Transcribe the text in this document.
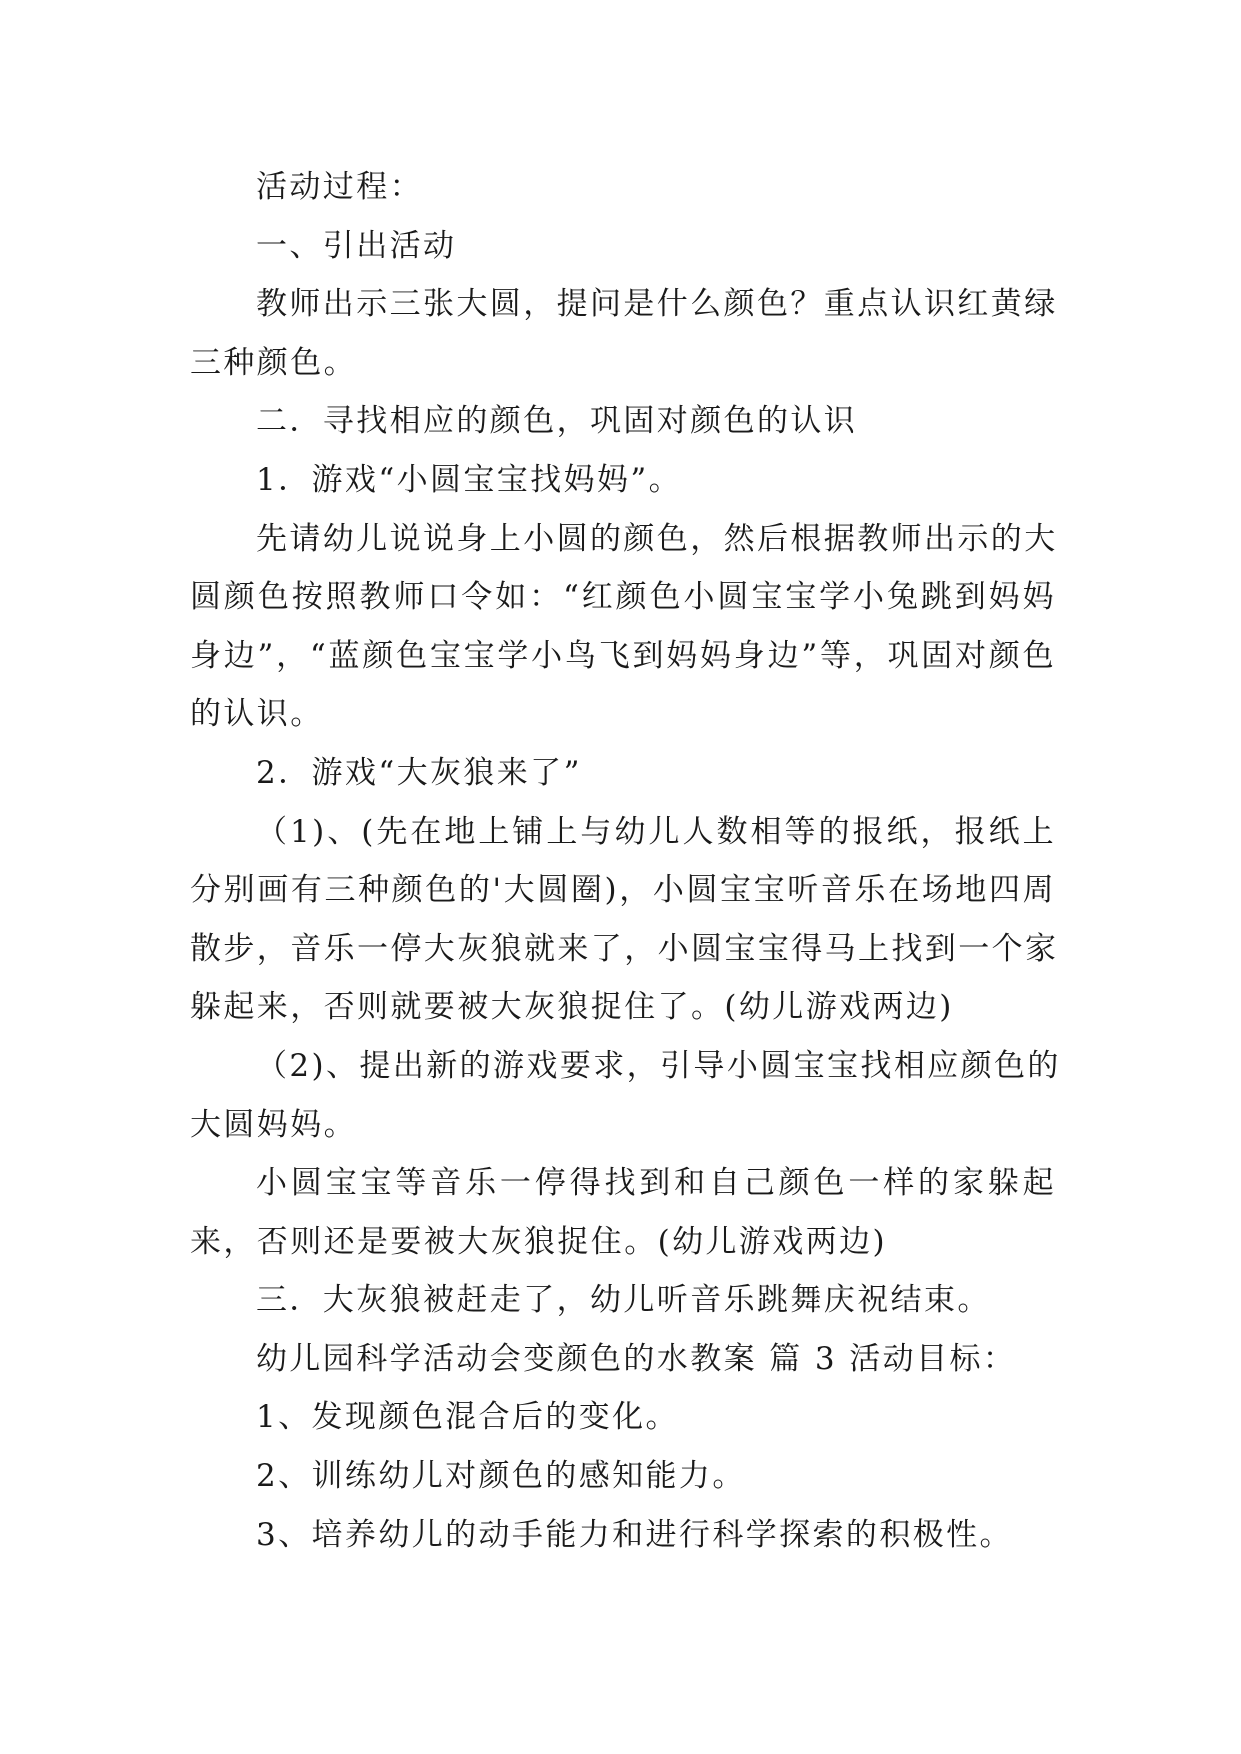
活动过程：
一、引出活动
教师出示三张大圆，提问是什么颜色？重点认识红黄绿
三种颜色。
二．寻找相应的颜色，巩固对颜色的认识
1．游戏“小圆宝宝找妈妈”。
先请幼儿说说身上小圆的颜色，然后根据教师出示的大
圆颜色按照教师口令如：“红颜色小圆宝宝学小兔跳到妈妈
身边”，“蓝颜色宝宝学小鸟飞到妈妈身边”等，巩固对颜色
的认识。
2．游戏“大灰狼来了”
（1)、(先在地上铺上与幼儿人数相等的报纸，报纸上
分别画有三种颜色的'大圆圈)，小圆宝宝听音乐在场地四周
散步，音乐一停大灰狼就来了，小圆宝宝得马上找到一个家
躲起来，否则就要被大灰狼捉住了。(幼儿游戏两边)
（2)、提出新的游戏要求，引导小圆宝宝找相应颜色的
大圆妈妈。
小圆宝宝等音乐一停得找到和自己颜色一样的家躲起
来，否则还是要被大灰狼捉住。(幼儿游戏两边)
三．大灰狼被赶走了，幼儿听音乐跳舞庆祝结束。
幼儿园科学活动会变颜色的水教案 篇 3 活动目标：
1、发现颜色混合后的变化。
2、训练幼儿对颜色的感知能力。
3、培养幼儿的动手能力和进行科学探索的积极性。
